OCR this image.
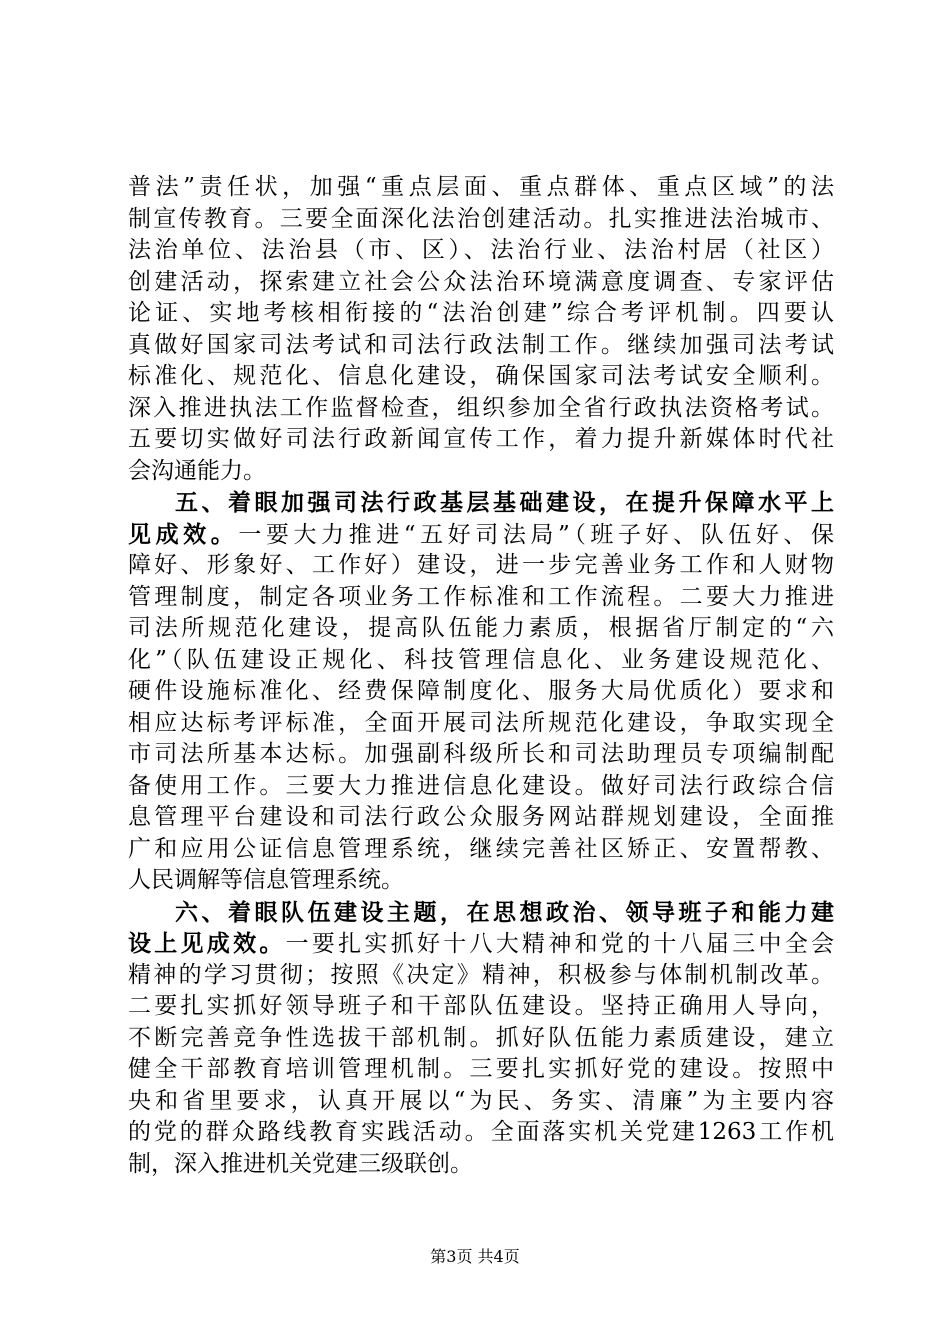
普法”责任状，加强“重点层面、重点群体、重点区域”的法
制宣传教育。三要全面深化法治创建活动。扎实推进法治城市、
法治单位、法治县（市、区）、法治行业、法治村居（社区）
创建活动，探索建立社会公众法治环境满意度调查、专家评估
论证、实地考核相衔接的“法治创建”综合考评机制。四要认
真做好国家司法考试和司法行政法制工作。继续加强司法考试
标准化、规范化、信息化建设，确保国家司法考试安全顺利。
深入推进执法工作监督检查，组织参加全省行政执法资格考试。
五要切实做好司法行政新闻宣传工作，着力提升新媒体时代社
会沟通能力。
五、着眼加强司法行政基层基础建设，在提升保障水平上
见成效。一要大力推进“五好司法局”（班子好、队伍好、保
障好、形象好、工作好）建设，进一步完善业务工作和人财物
管理制度，制定各项业务工作标准和工作流程。二要大力推进
司法所规范化建设，提高队伍能力素质，根据省厅制定的“六
化”（队伍建设正规化、科技管理信息化、业务建设规范化、
硬件设施标准化、经费保障制度化、服务大局优质化）要求和
相应达标考评标准，全面开展司法所规范化建设，争取实现全
市司法所基本达标。加强副科级所长和司法助理员专项编制配
备使用工作。三要大力推进信息化建设。做好司法行政综合信
息管理平台建设和司法行政公众服务网站群规划建设，全面推
广和应用公证信息管理系统，继续完善社区矫正、安置帮教、
人民调解等信息管理系统。
六、着眼队伍建设主题，在思想政治、领导班子和能力建
设上见成效。一要扎实抓好十八大精神和党的十八届三中全会
精神的学习贯彻；按照《决定》精神，积极参与体制机制改革。
二要扎实抓好领导班子和干部队伍建设。坚持正确用人导向，
不断完善竞争性选拔干部机制。抓好队伍能力素质建设，建立
健全干部教育培训管理机制。三要扎实抓好党的建设。按照中
央和省里要求，认真开展以“为民、务实、清廉”为主要内容
的党的群众路线教育实践活动。全面落实机关党建1263工作机
制，深入推进机关党建三级联创。
第3页 共4页
